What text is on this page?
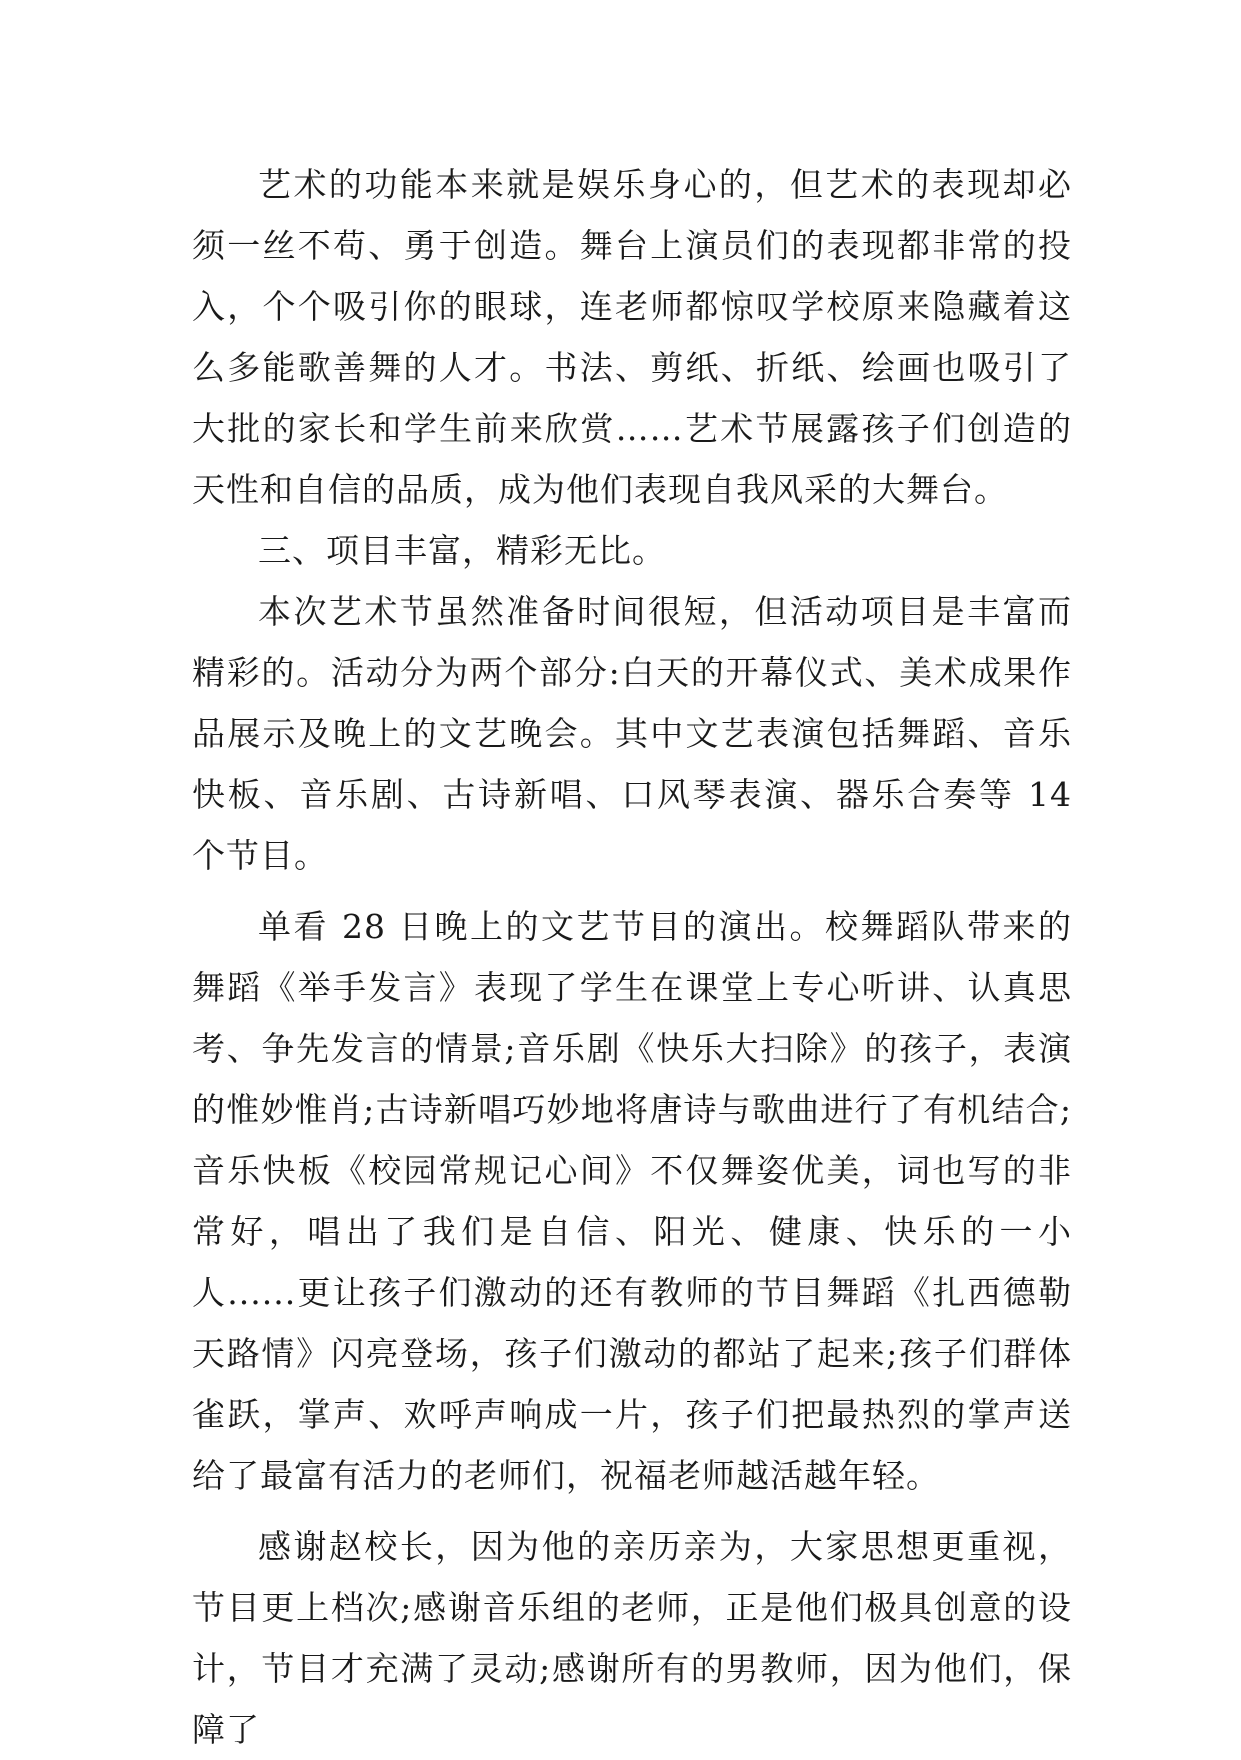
艺术的功能本来就是娱乐身心的，但艺术的表现却必须一丝不苟、勇于创造。舞台上演员们的表现都非常的投入，个个吸引你的眼球，连老师都惊叹学校原来隐藏着这么多能歌善舞的人才。书法、剪纸、折纸、绘画也吸引了大批的家长和学生前来欣赏……艺术节展露孩子们创造的天性和自信的品质，成为他们表现自我风采的大舞台。

三、项目丰富，精彩无比。

本次艺术节虽然准备时间很短，但活动项目是丰富而精彩的。活动分为两个部分:白天的开幕仪式、美术成果作品展示及晚上的文艺晚会。其中文艺表演包括舞蹈、音乐快板、音乐剧、古诗新唱、口风琴表演、器乐合奏等 14 个节目。

单看 28 日晚上的文艺节目的演出。校舞蹈队带来的舞蹈《举手发言》表现了学生在课堂上专心听讲、认真思考、争先发言的情景;音乐剧《快乐大扫除》的孩子，表演的惟妙惟肖;古诗新唱巧妙地将唐诗与歌曲进行了有机结合;音乐快板《校园常规记心间》不仅舞姿优美，词也写的非常好，唱出了我们是自信、阳光、健康、快乐的一小人......更让孩子们激动的还有教师的节目舞蹈《扎西德勒天路情》闪亮登场，孩子们激动的都站了起来;孩子们群体雀跃，掌声、欢呼声响成一片，孩子们把最热烈的掌声送给了最富有活力的老师们，祝福老师越活越年轻。

感谢赵校长，因为他的亲历亲为，大家思想更重视，节目更上档次;感谢音乐组的老师，正是他们极具创意的设计，节目才充满了灵动;感谢所有的男教师，因为他们，保障了
